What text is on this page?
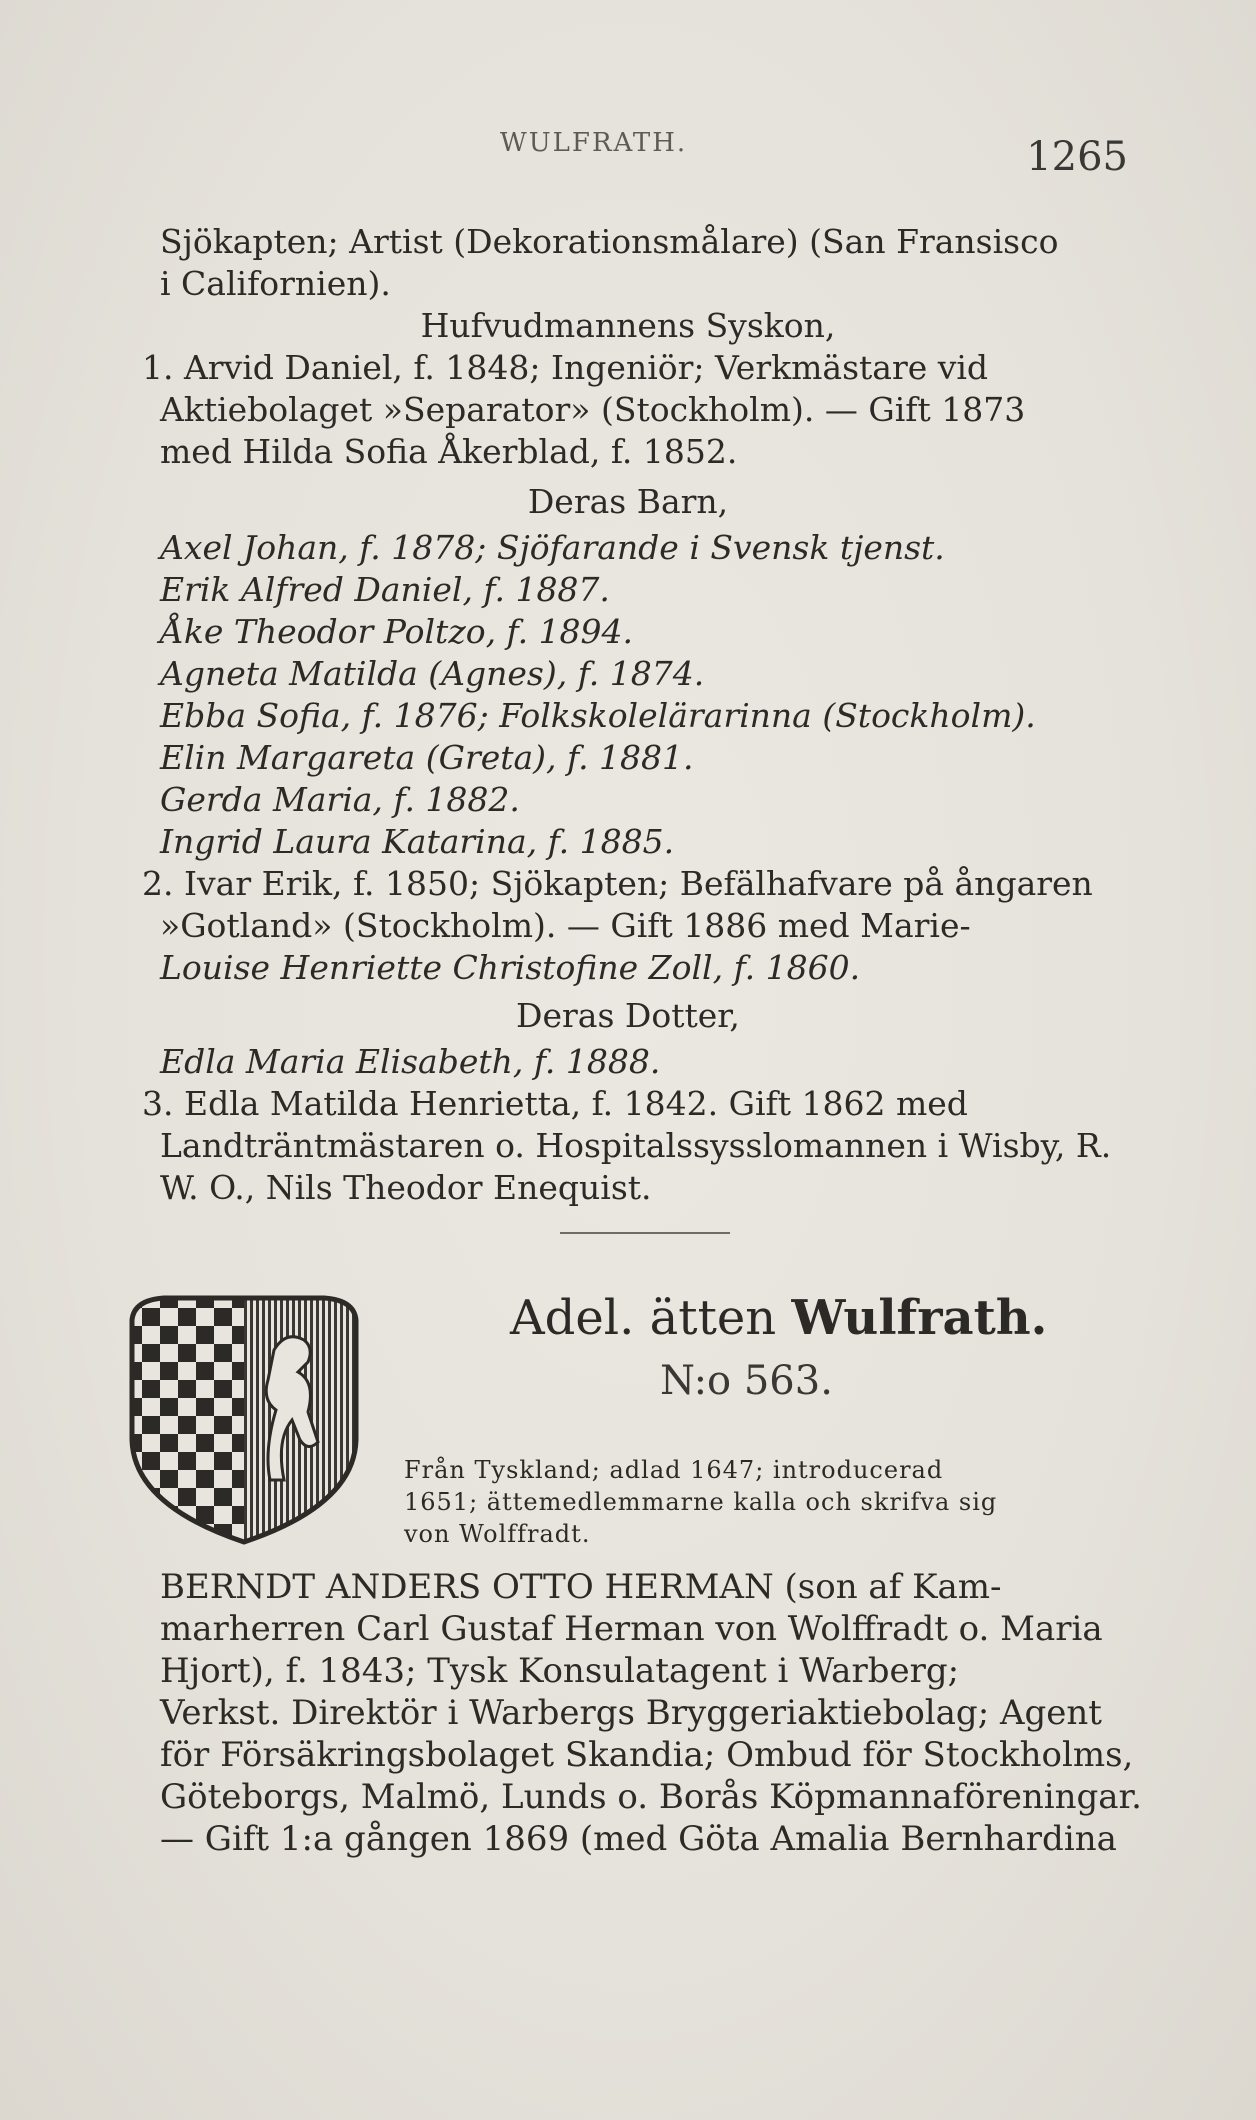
WULFRATH.	1265
Sjökapten; Artist (Dekorationsmålare) (San Fransisco
i Californien).
Hufvudmannens Syskon,
1. Arvid Daniel, f. 1848; Ingeniör; Verkmästare vid
Aktiebolaget »Separator» (Stockholm). — Gift 1873
med Hilda Sofia Åkerblad, f. 1852.
Deras Barn,
Axel Johan, f. 1878; Sjöfarande i Svensk tjenst.
Erik Alfred Daniel, f. 1887.
Åke Theodor Poltzo, f. 1894.
Agneta Matilda (Agnes), f. 1874.
Ebba Sofia, f. 1876; Folkskolelärarinna (Stockholm).
Elin Margareta (Greta), f. 1881.
Gerda Maria, f. 1882.
Ingrid Laura Katarina, f. 1885.
2. Ivar Erik, f. 1850; Sjökapten; Befälhafvare på ångaren
»Gotland» (Stockholm). — Gift 1886 med Marie-
Louise Henriette Christofine Zoll, f. 1860.
Deras Dotter,
Edla Maria Elisabeth, f. 1888.
3. Edla Matilda Henrietta, f. 1842. Gift 1862 med
Landträntmästaren o. Hospitalssysslomannen i Wisby, R.
W. O., Nils Theodor Enequist.
Adel. ätten Wulfrath.
N:o 563.
Från Tyskland; adlad 1647; introducerad
1651; ättemedlemmarne kalla och skrifva sig
von Wolffradt.
BERNDT ANDERS OTTO HERMAN (son af Kam-
marherren Carl Gustaf Herman von Wolffradt o. Maria
Hjort), f. 1843; Tysk Konsulatagent i Warberg;
Verkst. Direktör i Warbergs Bryggeriaktiebolag; Agent
för Försäkringsbolaget Skandia; Ombud för Stockholms,
Göteborgs, Malmö, Lunds o. Borås Köpmannaföreningar.
— Gift 1:a gången 1869 (med Göta Amalia Bernhardina
